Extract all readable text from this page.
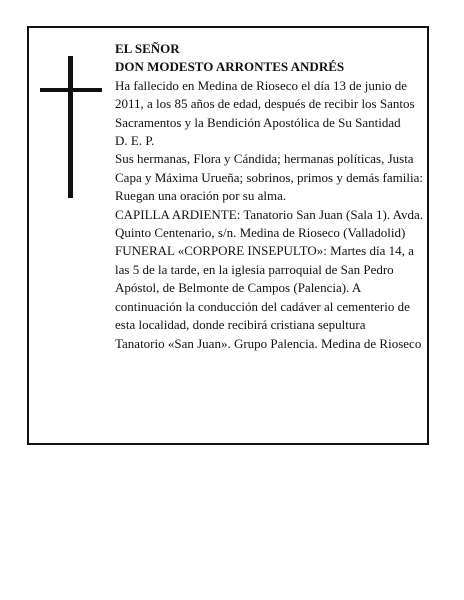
EL SEÑOR

DON MODESTO ARRONTES ANDRÉS

Ha fallecido en Medina de Rioseco el día 13 de junio de 2011, a los 85 años de edad, después de recibir los Santos Sacramentos y la Bendición Apostólica de Su Santidad

D. E. P.

Sus hermanas, Flora y Cándida; hermanas políticas, Justa Capa y Máxima Urueña; sobrinos, primos y demás familia:

Ruegan una oración por su alma.

CAPILLA ARDIENTE: Tanatorio San Juan (Sala 1). Avda. Quinto Centenario, s/n. Medina de Rioseco (Valladolid)

FUNERAL «CORPORE INSEPULTO»: Martes día 14, a las 5 de la tarde, en la iglesia parroquial de San Pedro Apóstol, de Belmonte de Campos (Palencia). A continuación la conducción del cadáver al cementerio de esta localidad, donde recibirá cristiana sepultura

Tanatorio «San Juan». Grupo Palencia. Medina de Rioseco
